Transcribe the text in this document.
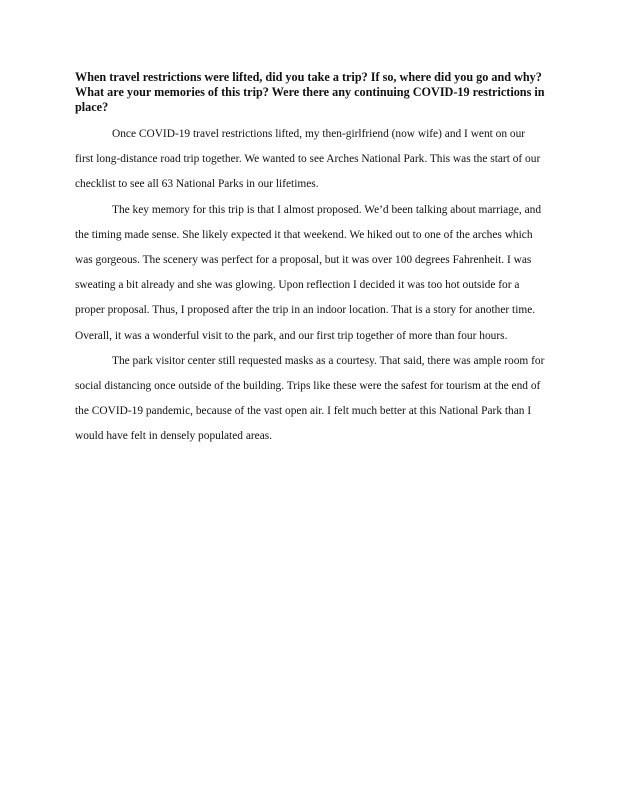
When travel restrictions were lifted, did you take a trip? If so, where did you go and why? What are your memories of this trip? Were there any continuing COVID-19 restrictions in place?

Once COVID-19 travel restrictions lifted, my then-girlfriend (now wife) and I went on our first long-distance road trip together. We wanted to see Arches National Park. This was the start of our checklist to see all 63 National Parks in our lifetimes.

The key memory for this trip is that I almost proposed. We’d been talking about marriage, and the timing made sense. She likely expected it that weekend. We hiked out to one of the arches which was gorgeous. The scenery was perfect for a proposal, but it was over 100 degrees Fahrenheit. I was sweating a bit already and she was glowing. Upon reflection I decided it was too hot outside for a proper proposal. Thus, I proposed after the trip in an indoor location. That is a story for another time. Overall, it was a wonderful visit to the park, and our first trip together of more than four hours.

The park visitor center still requested masks as a courtesy. That said, there was ample room for social distancing once outside of the building. Trips like these were the safest for tourism at the end of the COVID-19 pandemic, because of the vast open air. I felt much better at this National Park than I would have felt in densely populated areas.
